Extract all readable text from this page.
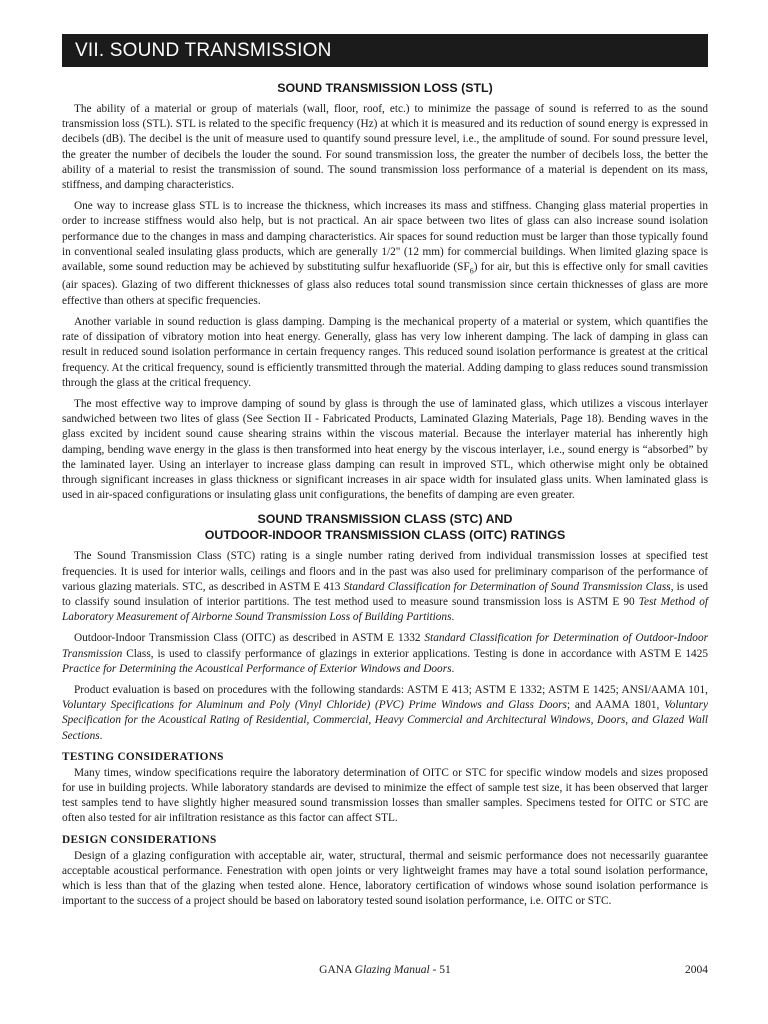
VII. SOUND TRANSMISSION
SOUND TRANSMISSION LOSS (STL)

The ability of a material or group of materials (wall, floor, roof, etc.) to minimize the passage of sound is referred to as the sound transmission loss (STL). STL is related to the specific frequency (Hz) at which it is measured and its reduction of sound energy is expressed in decibels (dB). The decibel is the unit of measure used to quantify sound pressure level, i.e., the amplitude of sound. For sound pressure level, the greater the number of decibels the louder the sound. For sound transmission loss, the greater the number of decibels loss, the better the ability of a material to resist the transmission of sound. The sound transmission loss performance of a material is dependent on its mass, stiffness, and damping characteristics.

One way to increase glass STL is to increase the thickness, which increases its mass and stiffness. Changing glass material properties in order to increase stiffness would also help, but is not practical. An air space between two lites of glass can also increase sound isolation performance due to the changes in mass and damping characteristics. Air spaces for sound reduction must be larger than those typically found in conventional sealed insulating glass products, which are generally 1/2" (12 mm) for commercial buildings. When limited glazing space is available, some sound reduction may be achieved by substituting sulfur hexafluoride $(SF_6)$ for air, but this is effective only for small cavities (air spaces). Glazing of two different thicknesses of glass also reduces total sound transmission since certain thicknesses of glass are more effective than others at specific frequencies.

Another variable in sound reduction is glass damping. Damping is the mechanical property of a material or system, which quantifies the rate of dissipation of vibratory motion into heat energy. Generally, glass has very low inherent damping. The lack of damping in glass can result in reduced sound isolation performance in certain frequency ranges. This reduced sound isolation performance is greatest at the critical frequency. At the critical frequency, sound is efficiently transmitted through the material. Adding damping to glass reduces sound transmission through the glass at the critical frequency.

The most effective way to improve damping of sound by glass is through the use of laminated glass, which utilizes a viscous interlayer sandwiched between two lites of glass (See Section II - Fabricated Products, Laminated Glazing Materials, Page 18). Bending waves in the glass excited by incident sound cause shearing strains within the viscous material. Because the interlayer material has inherently high damping, bending wave energy in the glass is then transformed into heat energy by the viscous interlayer, i.e., sound energy is “absorbed” by the laminated layer. Using an interlayer to increase glass damping can result in improved STL, which otherwise might only be obtained through significant increases in glass thickness or significant increases in air space width for insulated glass units. When laminated glass is used in air-spaced configurations or insulating glass unit configurations, the benefits of damping are even greater.

SOUND TRANSMISSION CLASS (STC) AND
OUTDOOR-INDOOR TRANSMISSION CLASS (OITC) RATINGS

The Sound Transmission Class (STC) rating is a single number rating derived from individual transmission losses at specified test frequencies. It is used for interior walls, ceilings and floors and in the past was also used for preliminary comparison of the performance of various glazing materials. STC, as described in ASTM E 413 Standard Classification for Determination of Sound Transmission Class, is used to classify sound insulation of interior partitions. The test method used to measure sound transmission loss is ASTM E 90 Test Method of Laboratory Measurement of Airborne Sound Transmission Loss of Building Partitions.

Outdoor-Indoor Transmission Class (OITC) as described in ASTM E 1332 Standard Classification for Determination of Outdoor-Indoor Transmission Class, is used to classify performance of glazings in exterior applications. Testing is done in accordance with ASTM E 1425 Practice for Determining the Acoustical Performance of Exterior Windows and Doors.

Product evaluation is based on procedures with the following standards: ASTM E 413; ASTM E 1332; ASTM E 1425; ANSI/AAMA 101, Voluntary Specifications for Aluminum and Poly (Vinyl Chloride) (PVC) Prime Windows and Glass Doors; and AAMA 1801, Voluntary Specification for the Acoustical Rating of Residential, Commercial, Heavy Commercial and Architectural Windows, Doors, and Glazed Wall Sections.

TESTING CONSIDERATIONS

Many times, window specifications require the laboratory determination of OITC or STC for specific window models and sizes proposed for use in building projects. While laboratory standards are devised to minimize the effect of sample test size, it has been observed that larger test samples tend to have slightly higher measured sound transmission losses than smaller samples. Specimens tested for OITC or STC are often also tested for air infiltration resistance as this factor can affect STL.

DESIGN CONSIDERATIONS

Design of a glazing configuration with acceptable air, water, structural, thermal and seismic performance does not necessarily guarantee acceptable acoustical performance. Fenestration with open joints or very lightweight frames may have a total sound isolation performance, which is less than that of the glazing when tested alone. Hence, laboratory certification of windows whose sound isolation performance is important to the success of a project should be based on laboratory tested sound isolation performance, i.e. OITC or STC.

GANA Glazing Manual - 51	2004
